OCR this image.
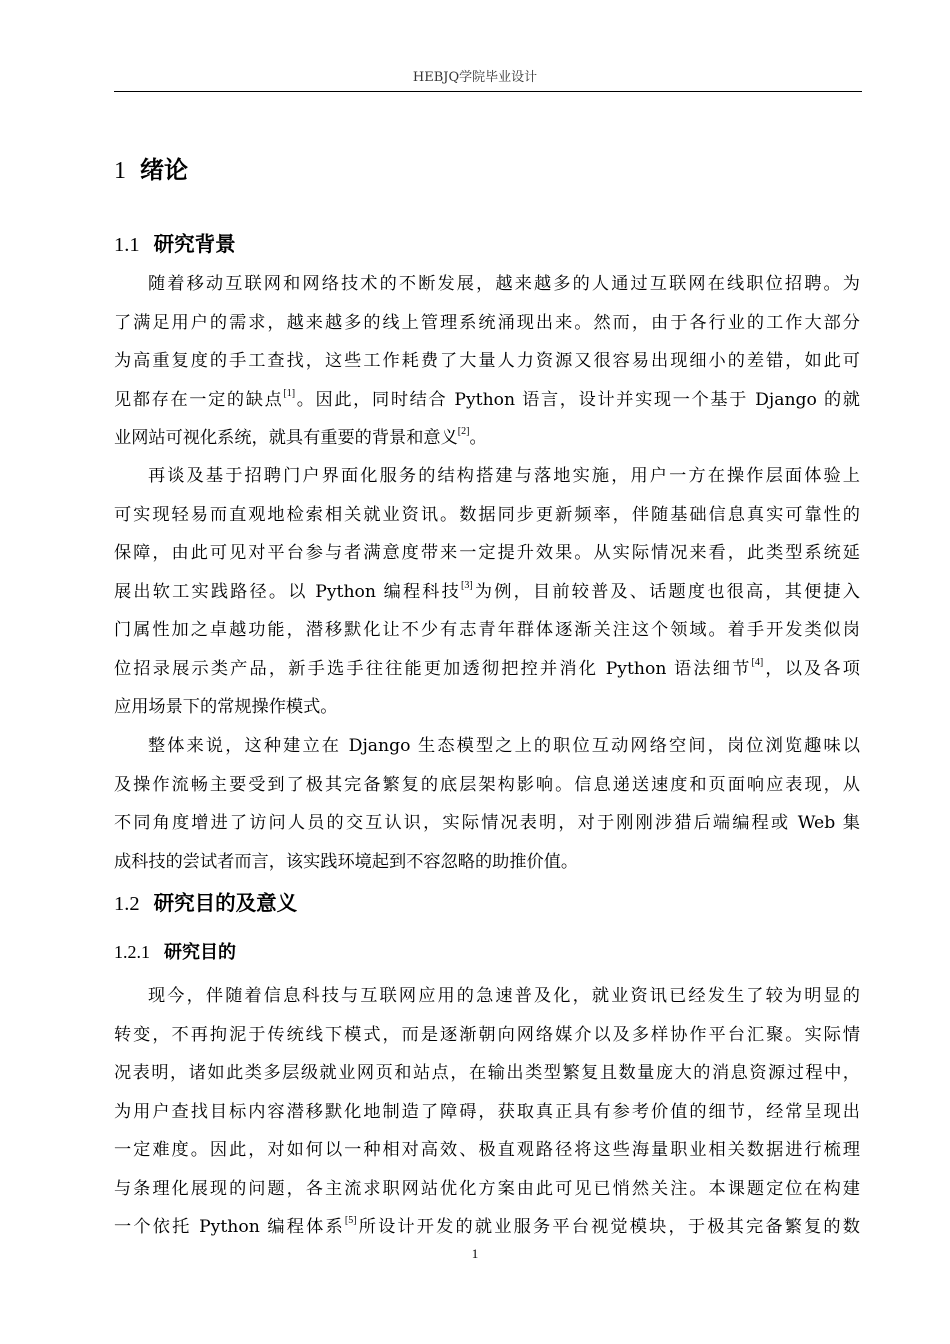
HEBJQ学院毕业设计
1 绪论
1.1 研究背景
随着移动互联网和网络技术的不断发展，越来越多的人通过互联网在线职位招聘。为
了满足用户的需求，越来越多的线上管理系统涌现出来。然而，由于各行业的工作大部分
为高重复度的手工查找，这些工作耗费了大量人力资源又很容易出现细小的差错，如此可
见都存在一定的缺点[1]。因此，同时结合 Python 语言，设计并实现一个基于 Django 的就
业网站可视化系统，就具有重要的背景和意义[2]。
再谈及基于招聘门户界面化服务的结构搭建与落地实施，用户一方在操作层面体验上
可实现轻易而直观地检索相关就业资讯。数据同步更新频率，伴随基础信息真实可靠性的
保障，由此可见对平台参与者满意度带来一定提升效果。从实际情况来看，此类型系统延
展出软工实践路径。以 Python 编程科技[3]为例，目前较普及、话题度也很高，其便捷入
门属性加之卓越功能，潜移默化让不少有志青年群体逐渐关注这个领域。着手开发类似岗
位招录展示类产品，新手选手往往能更加透彻把控并消化 Python 语法细节[4]，以及各项
应用场景下的常规操作模式。
整体来说，这种建立在 Django 生态模型之上的职位互动网络空间，岗位浏览趣味以
及操作流畅主要受到了极其完备繁复的底层架构影响。信息递送速度和页面响应表现，从
不同角度增进了访问人员的交互认识，实际情况表明，对于刚刚涉猎后端编程或 Web 集
成科技的尝试者而言，该实践环境起到不容忽略的助推价值。
1.2 研究目的及意义
1.2.1 研究目的
现今，伴随着信息科技与互联网应用的急速普及化，就业资讯已经发生了较为明显的
转变，不再拘泥于传统线下模式，而是逐渐朝向网络媒介以及多样协作平台汇聚。实际情
况表明，诸如此类多层级就业网页和站点，在输出类型繁复且数量庞大的消息资源过程中，
为用户查找目标内容潜移默化地制造了障碍，获取真正具有参考价值的细节，经常呈现出
一定难度。因此，对如何以一种相对高效、极直观路径将这些海量职业相关数据进行梳理
与条理化展现的问题，各主流求职网站优化方案由此可见已悄然关注。本课题定位在构建
一个依托 Python 编程体系[5]所设计开发的就业服务平台视觉模块，于极其完备繁复的数
1
